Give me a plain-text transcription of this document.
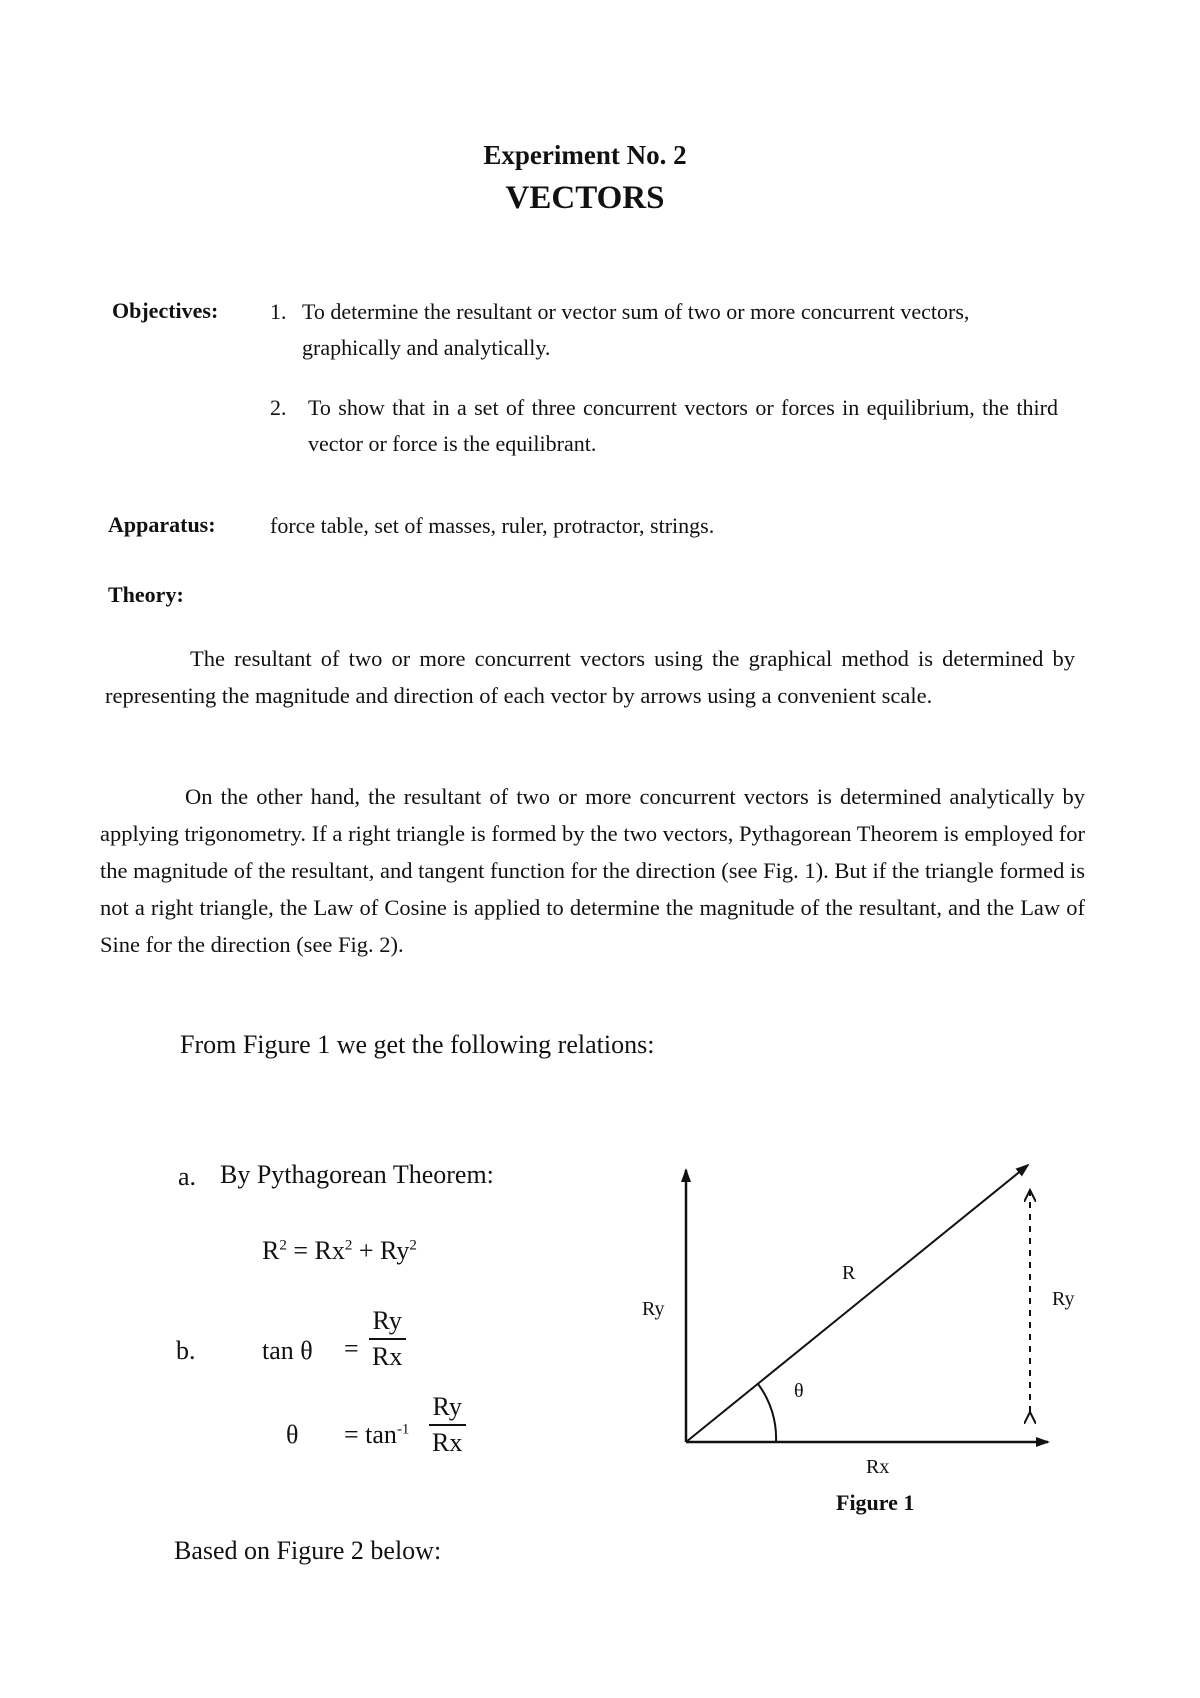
Experiment No. 2
VECTORS
Objectives: 1. To determine the resultant or vector sum of two or more concurrent vectors, graphically and analytically.
2. To show that in a set of three concurrent vectors or forces in equilibrium, the third vector or force is the equilibrant.
Apparatus: force table, set of masses, ruler, protractor, strings.
Theory:
The resultant of two or more concurrent vectors using the graphical method is determined by representing the magnitude and direction of each vector by arrows using a convenient scale.
On the other hand, the resultant of two or more concurrent vectors is determined analytically by applying trigonometry. If a right triangle is formed by the two vectors, Pythagorean Theorem is employed for the magnitude of the resultant, and tangent function for the direction (see Fig. 1). But if the triangle formed is not a right triangle, the Law of Cosine is applied to determine the magnitude of the resultant, and the Law of Sine for the direction (see Fig. 2).
From Figure 1 we get the following relations:
a. By Pythagorean Theorem:
$R^2 = Rx^2 + Ry^2$
b.	$\tan \theta = \frac{Ry}{Rx}$
$\theta = \tan^{-1} \frac{Ry}{Rx}$
R
Ry	Ry
θ
Rx
Figure 1
Based on Figure 2 below:
